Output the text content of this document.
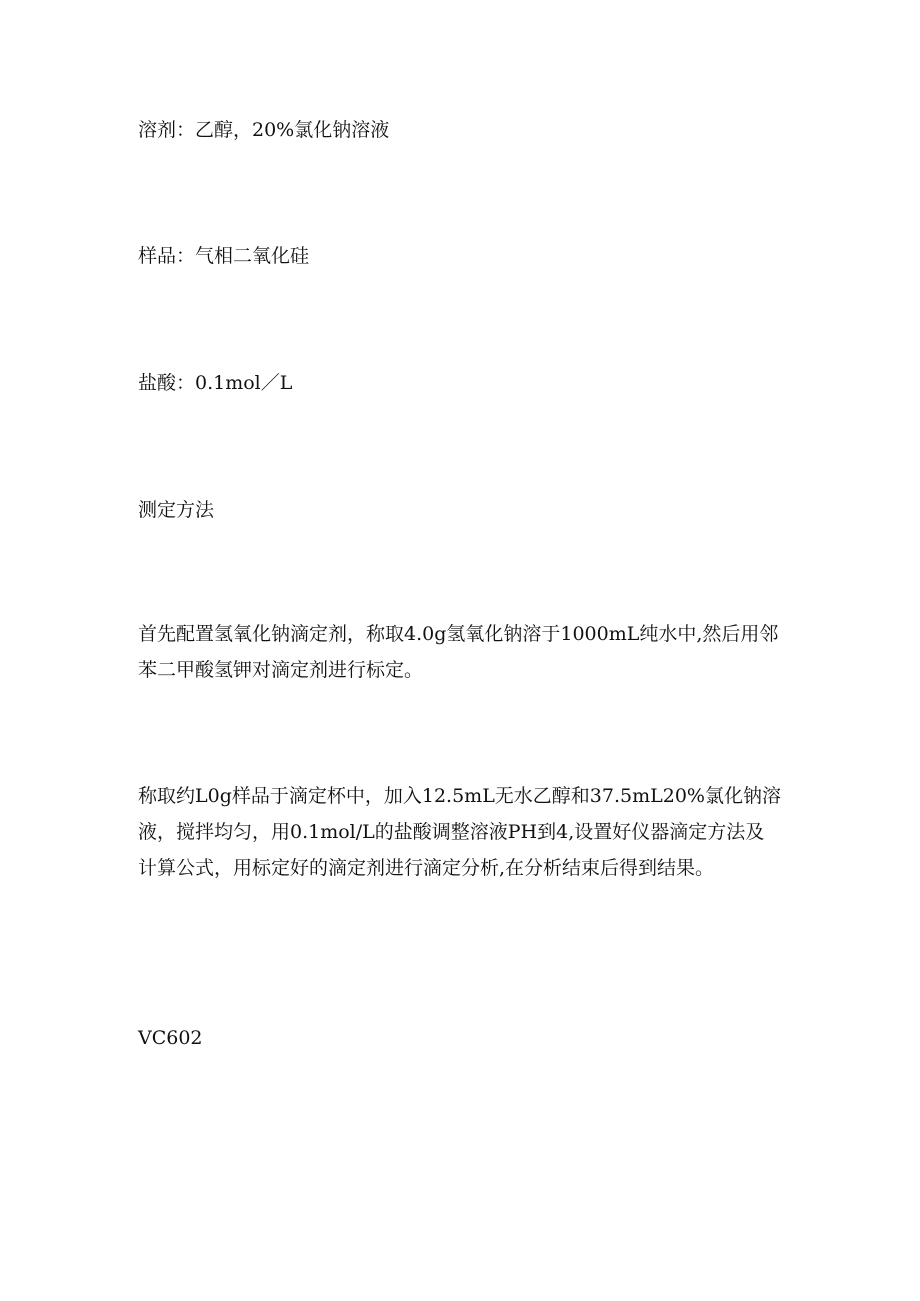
溶剂：乙醇，20%氯化钠溶液

样品：气相二氧化硅

盐酸：0.1mol／L

测定方法

首先配置氢氧化钠滴定剂，称取4.0g氢氧化钠溶于1000mL纯水中,然后用邻苯二甲酸氢钾对滴定剂进行标定。

称取约L0g样品于滴定杯中，加入12.5mL无水乙醇和37.5mL20%氯化钠溶液，搅拌均匀，用0.1mol/L的盐酸调整溶液PH到4,设置好仪器滴定方法及计算公式，用标定好的滴定剂进行滴定分析,在分析结束后得到结果。

VC602
